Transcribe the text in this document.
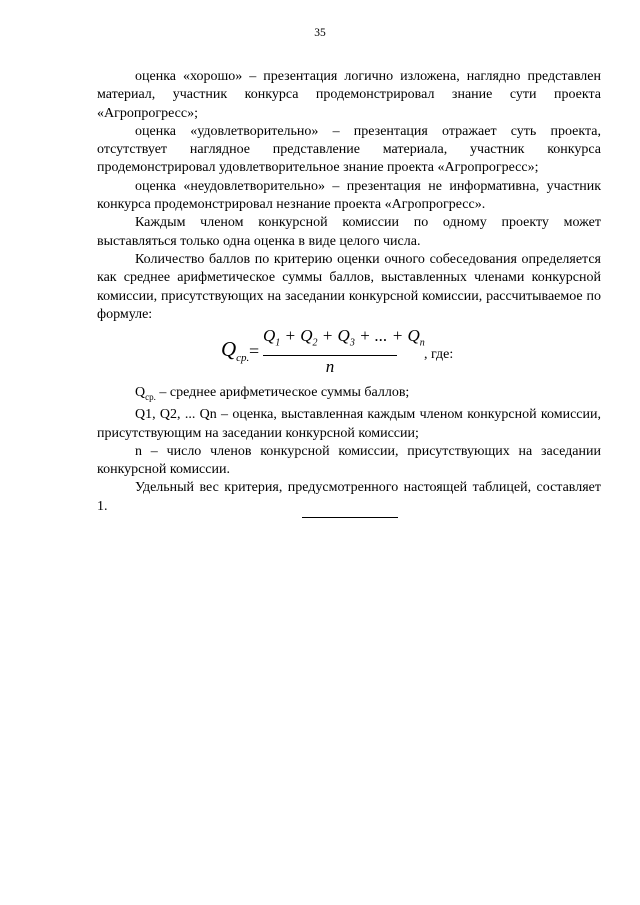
35

оценка «хорошо» – презентация логично изложена, наглядно представлен материал, участник конкурса продемонстрировал знание сути проекта «Агропрогресс»;

оценка «удовлетворительно» – презентация отражает суть проекта, отсутствует наглядное представление материала, участник конкурса продемонстрировал удовлетворительное знание проекта «Агропрогресс»;

оценка «неудовлетворительно» – презентация не информативна, участник конкурса продемонстрировал незнание проекта «Агропрогресс».

Каждым членом конкурсной комиссии по одному проекту может выставляться только одна оценка в виде целого числа.

Количество баллов по критерию оценки очного собеседования определяется как среднее арифметическое суммы баллов, выставленных членами конкурсной комиссии, присутствующих на заседании конкурсной комиссии, рассчитываемое по формуле:

$Q_{ср.} = \frac{Q_1 + Q_2 + Q_3 + ... + Q_n}{n}$ , где:

$Q_{ср.}$ – среднее арифметическое суммы баллов;

Q1, Q2, ... Qn – оценка, выставленная каждым членом конкурсной комиссии, присутствующим на заседании конкурсной комиссии;

n – число членов конкурсной комиссии, присутствующих на заседании конкурсной комиссии.

Удельный вес критерия, предусмотренного настоящей таблицей, составляет 1.
